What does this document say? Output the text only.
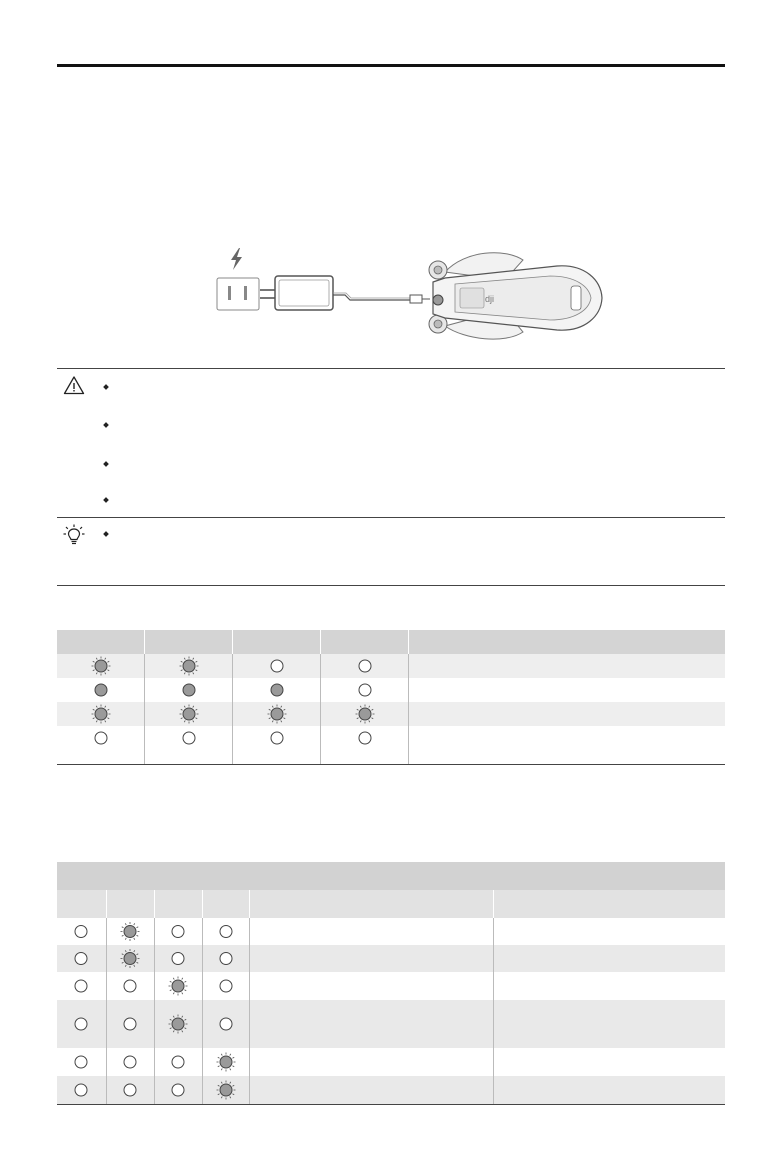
dji
